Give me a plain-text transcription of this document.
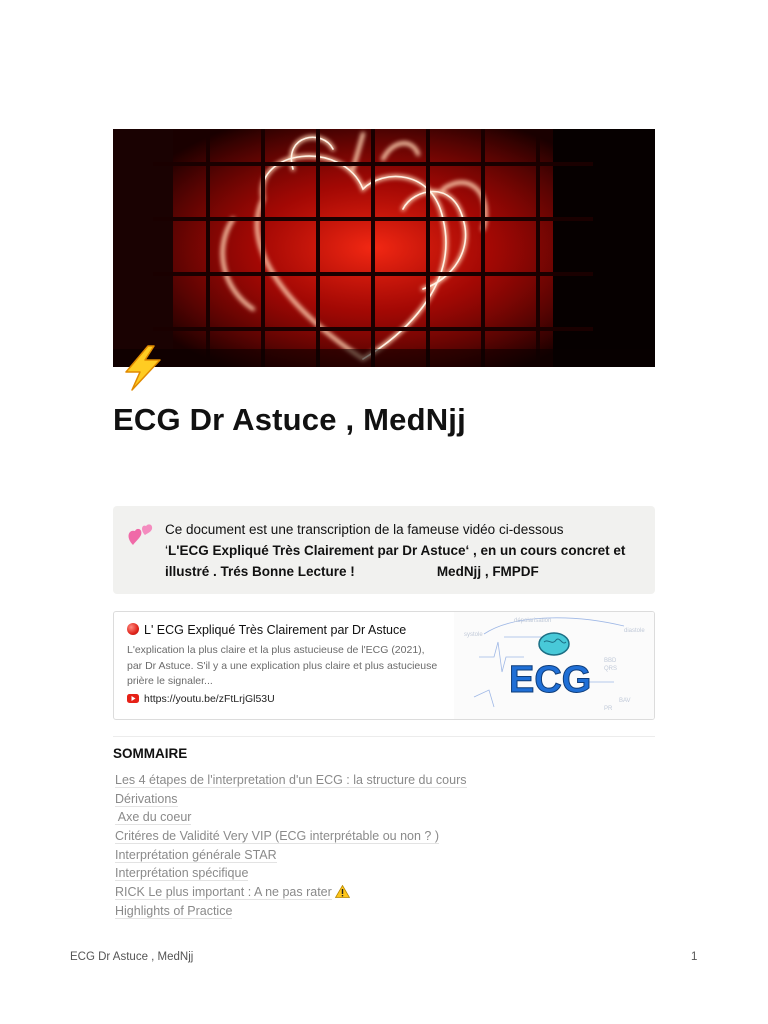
ECG Dr Astuce , MedNjj
Ce document est une transcription de la fameuse vidéo ci-dessous
‘L'ECG Expliqué Très Clairement par Dr Astuce‘ , en un cours concret et illustré . Trés Bonne Lecture !	MedNjj , FMPDF
L' ECG Expliqué Très Clairement par Dr Astuce
L'explication la plus claire et la plus astucieuse de l'ECG (2021), par Dr Astuce. S'il y a une explication plus claire et plus astucieuse prière le signaler...
https://youtu.be/zFtLrjGl53U
systole
dépolarisation
diastole
BBD
QRS
BAV
PR
ECG
SOMMAIRE
Les 4 étapes de l'interpretation d'un ECG : la structure du cours
Dérivations
Axe du coeur
Critéres de Validité Very VIP (ECG interprétable ou non ? )
Interprétation générale STAR
Interprétation spécifique
RICK Le plus important : A ne pas rater
Highlights of Practice
ECG Dr Astuce , MedNjj	1
